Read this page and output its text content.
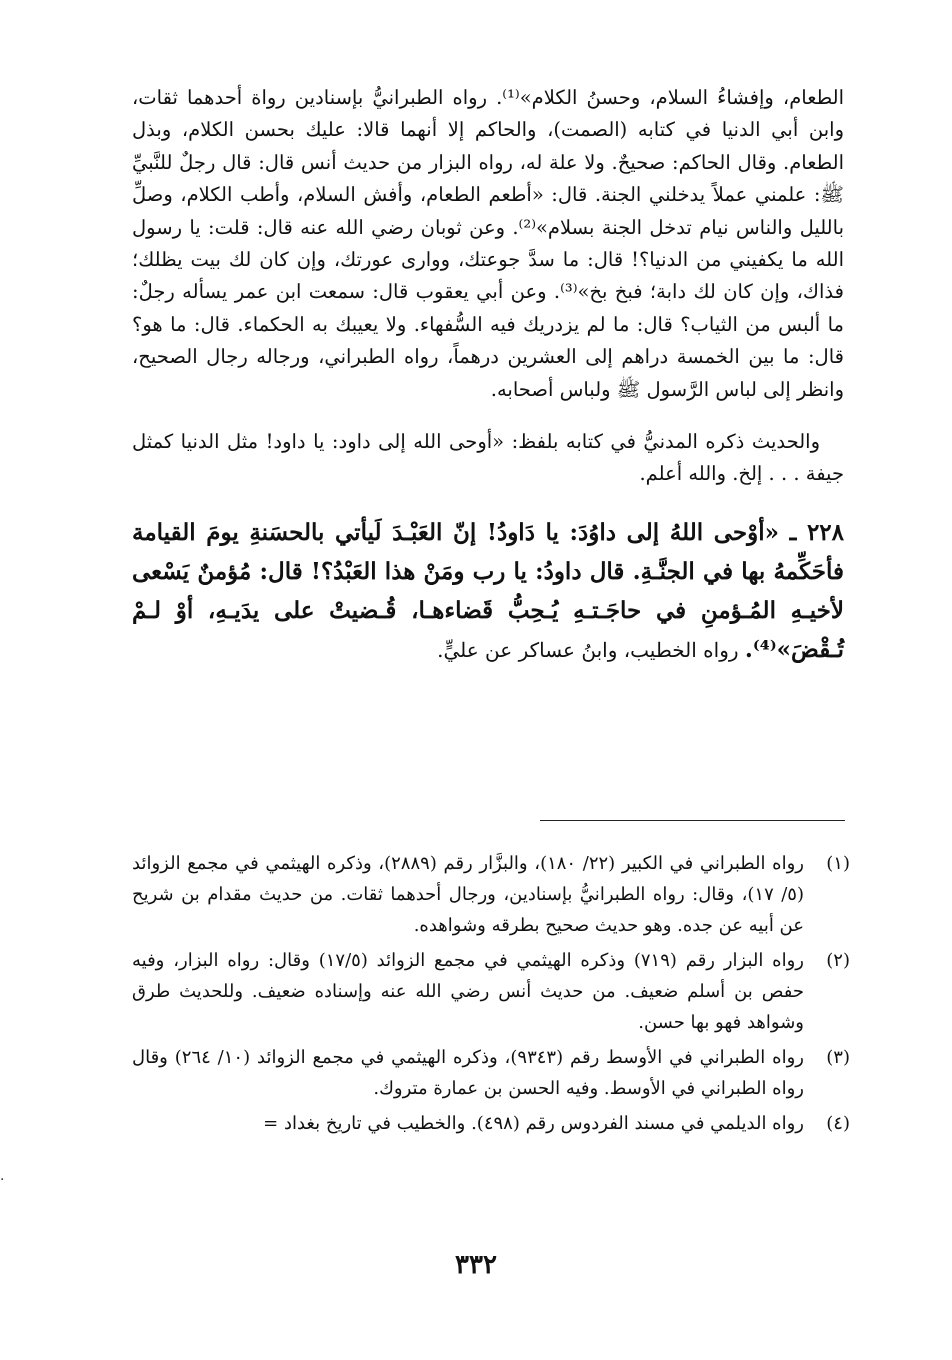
الطعام، وإفشاءُ السلام، وحسنُ الكلام»⁽¹⁾. رواه الطبرانيُّ بإسنادين رواة أحدهما ثقات، وابن أبي الدنيا في كتابه (الصمت)، والحاكم إلا أنهما قالا: عليك بحسن الكلام، وبذل الطعام. وقال الحاكم: صحيحٌ. ولا علة له، رواه البزار من حديث أنس قال: قال رجلٌ للنَّبيِّ ﷺ: علمني عملاً يدخلني الجنة. قال: «أطعم الطعام، وأفش السلام، وأطب الكلام، وصلِّ بالليل والناس نيام تدخل الجنة بسلام»⁽²⁾. وعن ثوبان رضي الله عنه قال: قلت: يا رسول الله ما يكفيني من الدنيا؟! قال: ما سدَّ جوعتك، ووارى عورتك، وإن كان لك بيت يظلك؛ فذاك، وإن كان لك دابة؛ فبخ بخ»⁽³⁾. وعن أبي يعقوب قال: سمعت ابن عمر يسأله رجلٌ: ما ألبس من الثياب؟ قال: ما لم يزدريك فيه السُّفهاء. ولا يعيبك به الحكماء. قال: ما هو؟ قال: ما بين الخمسة دراهم إلى العشرين درهماً، رواه الطبراني، ورجاله رجال الصحيح، وانظر إلى لباس الرَّسول ﷺ ولباس أصحابه.

والحديث ذكره المدنيُّ في كتابه بلفظ: «أوحى الله إلى داود: يا داود! مثل الدنيا كمثل جيفة . . . إلخ. والله أعلم.

٢٢٨ ـ «أوْحى اللهُ إلى داوُدَ: يا دَاودُ! إنّ العَبْـدَ لَيأتي بالحسَنةِ يومَ القيامة فأحَكِّمهُ بها في الجنَّـةِ. قال داودُ: يا رب ومَنْ هذا العَبْدُ؟! قال: مُؤمنٌ يَسْعى لأخيـهِ المُـؤمنِ في حاجَـتـهِ يُـحِبُّ قَضاءهـا، قُـضيتْ على يدَيـهِ، أوْ لـمْ تُـقْضَ»⁽⁴⁾. رواه الخطيب، وابنُ عساكر عن عليٍّ.

(١)
رواه الطبراني في الكبير (٢٢/ ١٨٠)، والبزَّار رقم (٢٨٨٩)، وذكره الهيثمي في مجمع الزوائد (٥/ ١٧)، وقال: رواه الطبرانيُّ بإسنادين، ورجال أحدهما ثقات. من حديث مقدام بن شريح عن أبيه عن جده. وهو حديث صحيح بطرقه وشواهده.
(٢)
رواه البزار رقم (٧١٩) وذكره الهيثمي في مجمع الزوائد (١٧/٥) وقال: رواه البزار، وفيه حفص بن أسلم ضعيف. من حديث أنس رضي الله عنه وإسناده ضعيف. وللحديث طرق وشواهد فهو بها حسن.
(٣)
رواه الطبراني في الأوسط رقم (٩٣٤٣)، وذكره الهيثمي في مجمع الزوائد (١٠/ ٢٦٤) وقال رواه الطبراني في الأوسط. وفيه الحسن بن عمارة متروك.
(٤)
رواه الديلمي في مسند الفردوس رقم (٤٩٨). والخطيب في تاريخ بغداد =
٣٣٢
·
